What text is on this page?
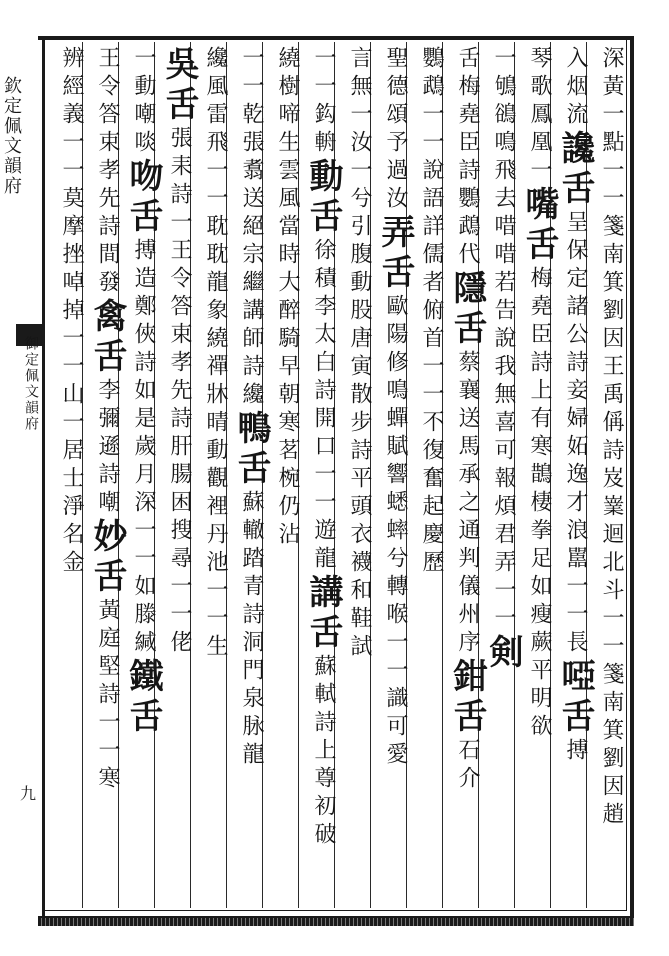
欽定佩文韻府
御定佩文韻府
九	深黃一點一一箋南箕劉因王禹偁詩岌嶪迴北斗一一箋南箕劉因趙
入烟流讒舌呈保定諸公詩妾婦妬逸才浪嚚一一長啞舌搏
琴歌鳳凰一嘴舌梅堯臣詩上有寒鵲棲拳足如瘦蕨平明欲
一鴝鵒鳴飛去唶唶若告說我無喜可報煩君弄一一剣
舌梅堯臣詩鸚鵡代隱舌蔡襄送馬承之通判儀州序鉗舌石介
鸚鵡一一說語詳儒者俯首一一不復奮起慶歷
聖德頌予過汝弄舌歐陽修鳴蟬賦響蟋蟀兮轉喉一一識可愛
言無一汝一兮引腹動股唐寅散步詩平頭衣襪和鞋試
一一鈎輈動舌徐積李太白詩開口一一遊龍講舌蘇軾詩上尊初破
繞樹啼生雲風當時大醉騎早朝寒茗椀仍沾
一一乾張翥送絕宗繼講師詩纔鴨舌蘇轍踏青詩洞門泉脉龍
纔風雷飛一一耽耽龍象繞禪牀晴動觀裡丹池一一生
吳舌張耒詩一王令答束孝先詩肝腸困搜尋一一佬
一動嘲啖吻舌搏造鄭俠詩如是歲月深一一如滕緘鐵舌
王令答束孝先詩間發禽舌李彌遜詩嘲妙舌黃庭堅詩一一寒
辨經義一一莫摩挫啅掉一一山一居士淨名金
